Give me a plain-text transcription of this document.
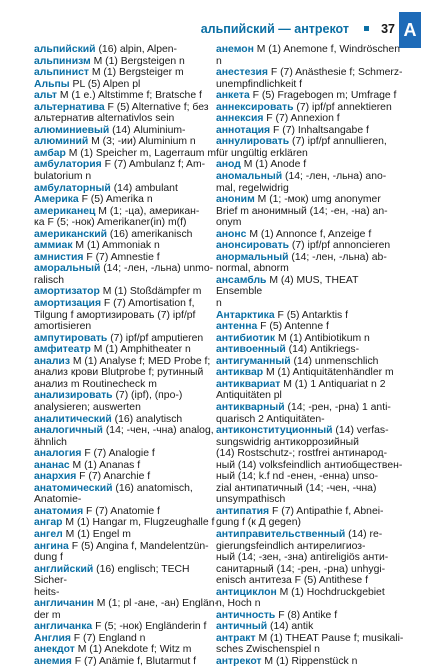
альпийский — антрекот	37 A
альпийский (16) alpin, Alpen-
альпинизм M (1) Bergsteigen n
альпинист M (1) Bergsteiger m
Альпы PL (5) Alpen pl
альт M (1 e.) Altstimme f; Bratsche f
альтернатива F (5) Alternative f; без
альтернатив alternativlos sein
алюминиевый (14) Aluminium-
алюминий M (3; -ии) Aluminium n
амбар M (1) Speicher m, Lagerraum m
амбулатория F (7) Ambulanz f; Am-
bulatorium n
амбулаторный (14) ambulant
Америка F (5) Amerika n
американец M (1; -ца), американ-
ка F (5; -нок) Amerikaner(in) m(f)
американский (16) amerikanisch
аммиак M (1) Ammoniak n
амнистия F (7) Amnestie f
аморальный (14; -лен, -льна) unmo-
ralisch
амортизатор M (1) Stoßdämpfer m
амортизация F (7) Amortisation f,
Tilgung f амортизировать (7) ipf/pf
amortisieren
ампутировать (7) ipf/pf amputieren
амфитеатр M (1) Amphitheater n
анализ M (1) Analyse f; MED Probe f;
анализ крови Blutprobe f; рутинный
анализ m Routinecheck m
анализировать (7) (ipf), (про-)
analysieren; auswerten
аналитический (16) analytisch
аналогичный (14; -чен, -чна) analog,
ähnlich
аналогия F (7) Analogie f
ананас M (1) Ananas f
анархия F (7) Anarchie f
анатомический (16) anatomisch,
Anatomie-
анатомия F (7) Anatomie f
ангар M (1) Hangar m, Flugzeughalle f
ангел M (1) Engel m
ангина F (5) Angina f, Mandelentzün-
dung f
английский (16) englisch; TECH Sicher-
heits-
англичанин M (1; pl -ане, -ан) Englän-
der m
англичанка F (5; -нок) Engländerin f
Англия F (7) England n
анекдот M (1) Anekdote f; Witz m
анемия F (7) Anämie f, Blutarmut f
анемон M (1) Anemone f, Windröschen
n
анестезия F (7) Anästhesie f; Schmerz-
unempfindlichkeit f
анкета F (5) Fragebogen m; Umfrage f
аннексировать (7) ipf/pf annektieren
аннексия F (7) Annexion f
аннотация F (7) Inhaltsangabe f
аннулировать (7) ipf/pf annullieren,
für ungültig erklären
анод M (1) Anode f
аномальный (14; -лен, -льна) ano-
mal, regelwidrig
аноним M (1; -мок) umg anonymer
Brief m анонимный (14; -ен, -на) an-
onym
анонс M (1) Annonce f, Anzeige f
анонсировать (7) ipf/pf annoncieren
анормальный (14; -лен, -льна) ab-
normal, abnorm
ансамбль M (4) MUS, THEAT Ensemble
n
Антарктика F (5) Antarktis f
антенна F (5) Antenne f
антибиотик M (1) Antibiotikum n
антивоенный (14) Antikriegs-
антигуманный (14) unmenschlich
антиквар M (1) Antiquitätenhändler m
антиквариат M (1) 1 Antiquariat n 2
Antiquitäten pl
антикварный (14; -рен, -рна) 1 anti-
quarisch 2 Antiquitäten-
антиконституционный (14) verfas-
sungswidrig антикоррозийный
(14) Rostschutz-; rostfrei антинарод-
ный (14) volksfeindlich антиобществен-
ный (14; k.f nd -енен, -енна) unso-
zial антипатичный (14; -чен, -чна)
unsympathisch
антипатия F (7) Antipathie f, Abnei-
gung f (к Д gegen)
антиправительственный (14) re-
gierungsfeindlich антирелигиоз-
ный (14; -зен, -зна) antireligiös анти-
санитарный (14; -рен, -рна) unhygi-
enisch антитеза F (5) Antithese f
антициклон M (1) Hochdruckgebiet
n, Hoch n
античность F (8) Antike f
античный (14) antik
антракт M (1) THEAT Pause f; musikali-
sches Zwischenspiel n
антрекот M (1) Rippenstück n
